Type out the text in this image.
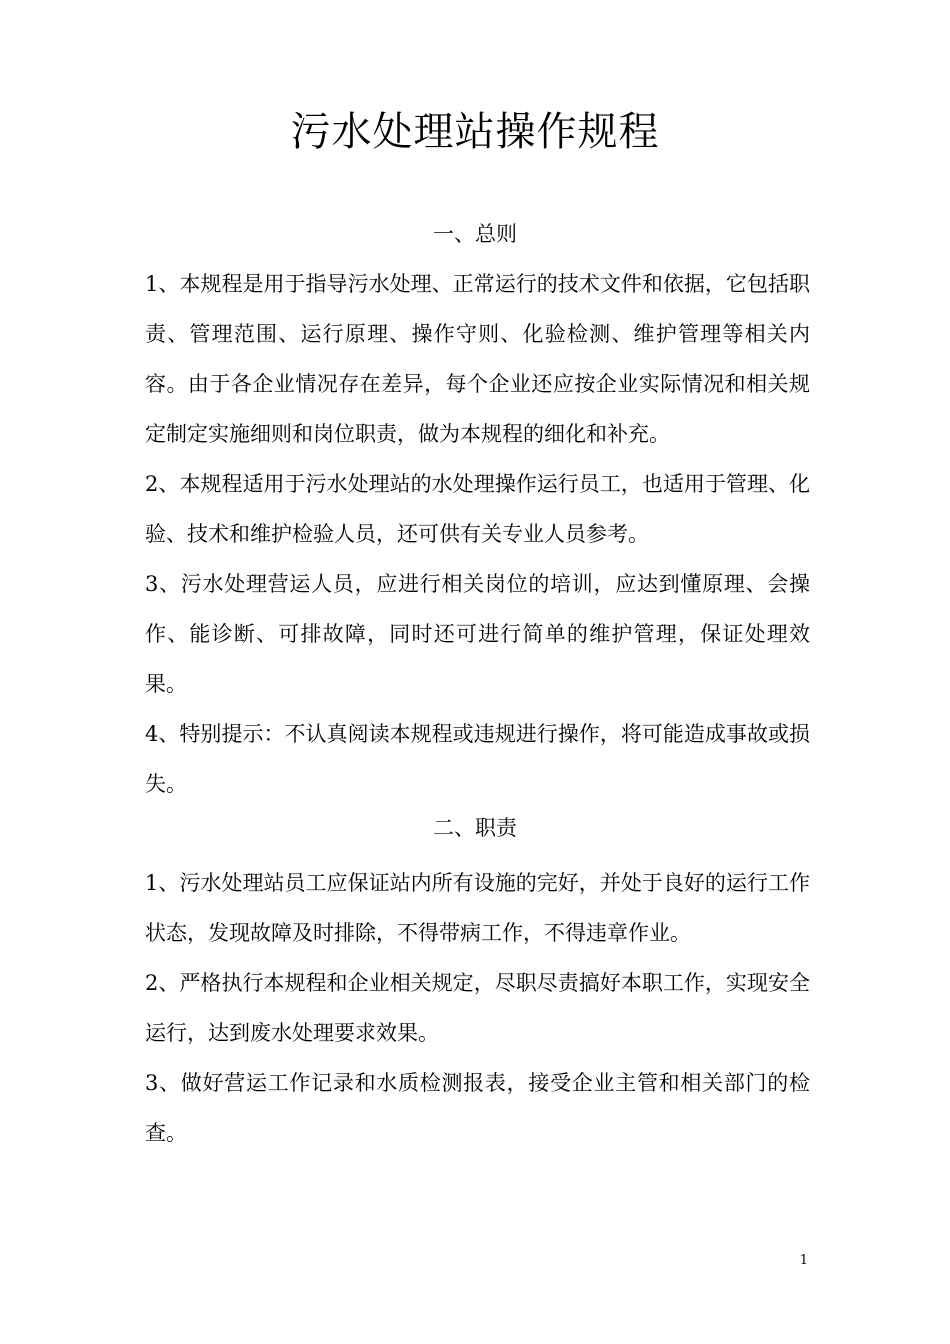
污水处理站操作规程
一、总则
1、本规程是用于指导污水处理、正常运行的技术文件和依据，它包括职责、管理范围、运行原理、操作守则、化验检测、维护管理等相关内容。由于各企业情况存在差异，每个企业还应按企业实际情况和相关规定制定实施细则和岗位职责，做为本规程的细化和补充。
2、本规程适用于污水处理站的水处理操作运行员工，也适用于管理、化验、技术和维护检验人员，还可供有关专业人员参考。
3、污水处理营运人员，应进行相关岗位的培训，应达到懂原理、会操作、能诊断、可排故障，同时还可进行简单的维护管理，保证处理效果。
4、特别提示：不认真阅读本规程或违规进行操作，将可能造成事故或损失。
二、职责
1、污水处理站员工应保证站内所有设施的完好，并处于良好的运行工作状态，发现故障及时排除，不得带病工作，不得违章作业。
2、严格执行本规程和企业相关规定，尽职尽责搞好本职工作，实现安全运行，达到废水处理要求效果。
3、做好营运工作记录和水质检测报表，接受企业主管和相关部门的检查。
1
